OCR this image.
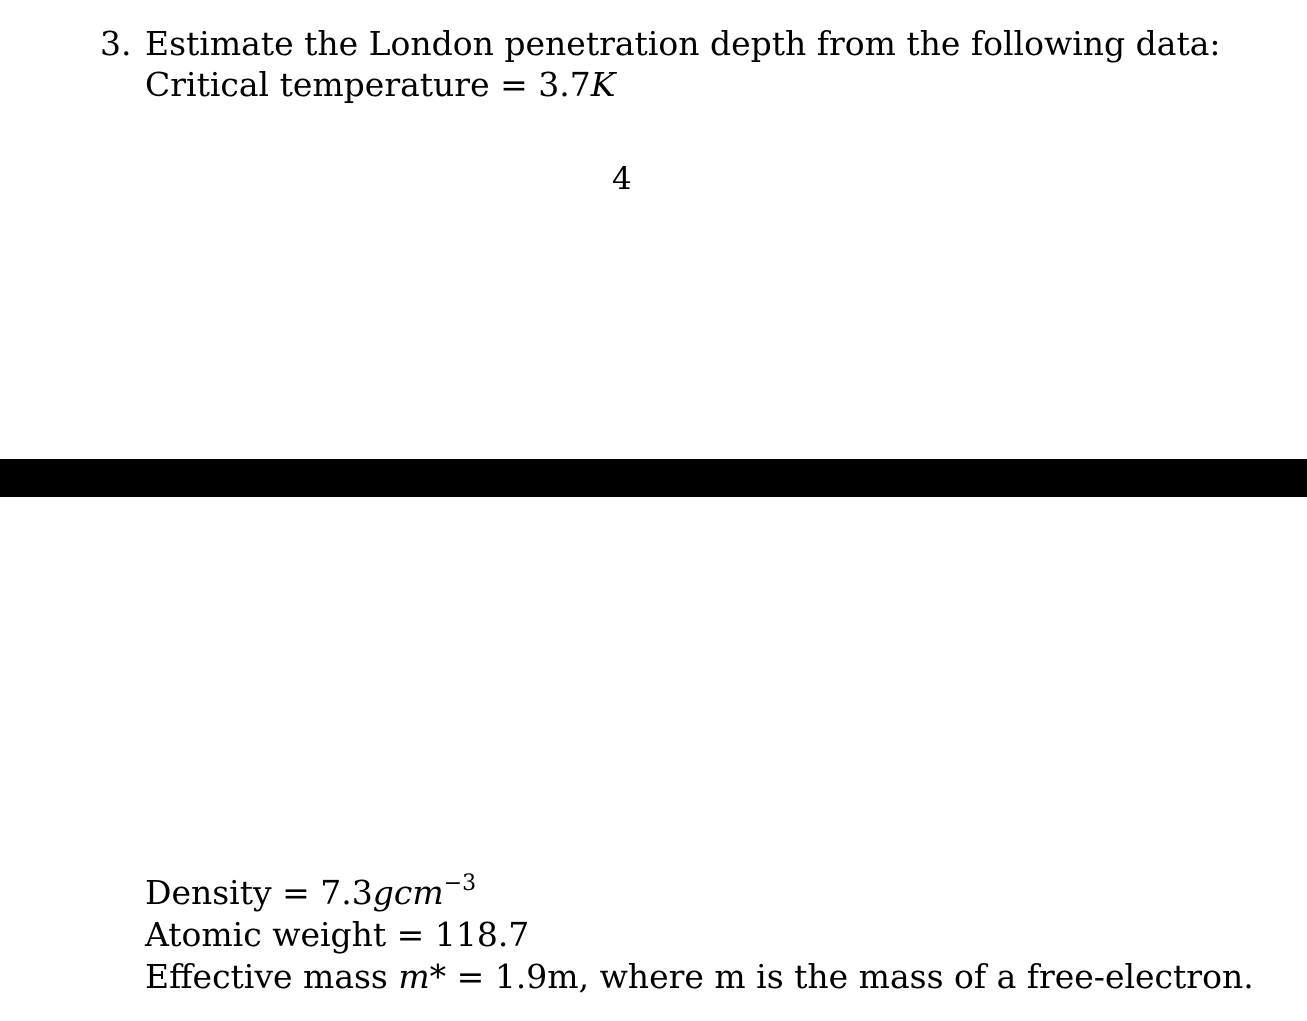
3. Estimate the London penetration depth from the following data:
Critical temperature = 3.7K
4
Density = 7.3gcm$^{-3}$
Atomic weight = 118.7
Effective mass m* = 1.9m, where m is the mass of a free-electron.
